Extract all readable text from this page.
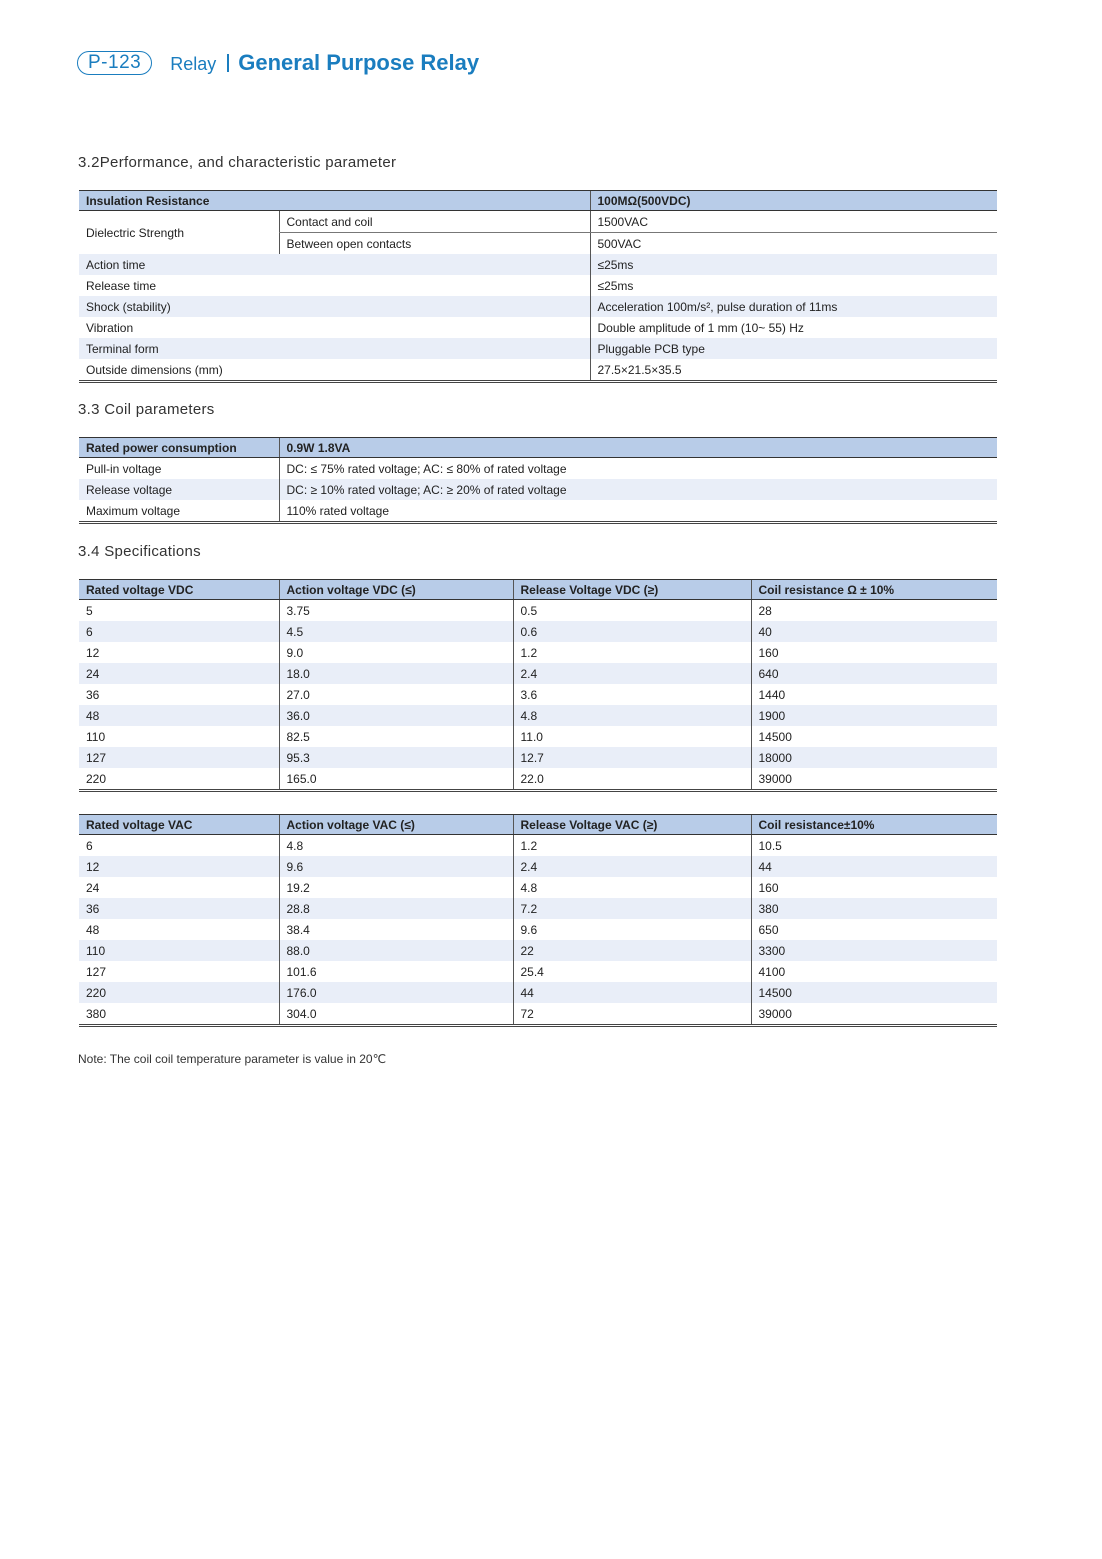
P-123	Relay General Purpose Relay
3.2Performance, and characteristic parameter
Insulation Resistance		100MΩ(500VDC)
Dielectric Strength	Contact and coil	1500VAC
	Between open contacts	500VAC
Action time		≤25ms
Release time		≤25ms
Shock (stability)		Acceleration 100m/s², pulse duration of 11ms
Vibration		Double amplitude of 1 mm (10~ 55) Hz
Terminal form		Pluggable PCB type
Outside dimensions (mm)		27.5×21.5×35.5

3.3 Coil parameters
Rated power consumption	0.9W 1.8VA
Pull-in voltage	DC: ≤ 75% rated voltage; AC: ≤ 80% of rated voltage
Release voltage	DC: ≥ 10% rated voltage; AC: ≥ 20% of rated voltage
Maximum voltage	110% rated voltage

3.4 Specifications
Rated voltage VDC	Action voltage VDC (≤)	Release Voltage VDC (≥)	Coil resistance Ω ± 10%
5	3.75	0.5	28
6	4.5	0.6	40
12	9.0	1.2	160
24	18.0	2.4	640
36	27.0	3.6	1440
48	36.0	4.8	1900
110	82.5	11.0	14500
127	95.3	12.7	18000
220	165.0	22.0	39000

Rated voltage VAC	Action voltage VAC (≤)	Release Voltage VAC (≥)	Coil resistance±10%
6	4.8	1.2	10.5
12	9.6	2.4	44
24	19.2	4.8	160
36	28.8	7.2	380
48	38.4	9.6	650
110	88.0	22	3300
127	101.6	25.4	4100
220	176.0	44	14500
380	304.0	72	39000

Note: The coil coil temperature parameter is value in 20℃
